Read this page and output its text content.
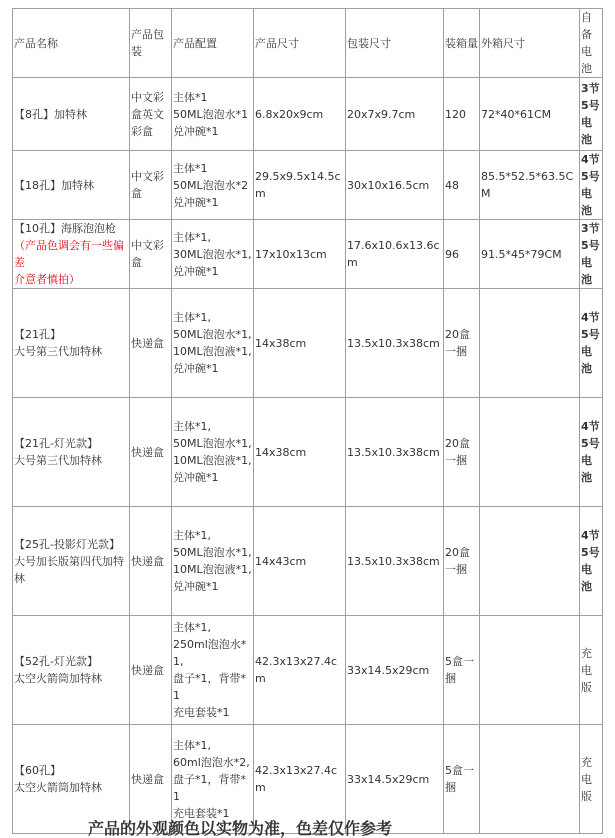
产品名称	产品包装	产品配置	产品尺寸	包装尺寸	装箱量	外箱尺寸	自备电池

【8孔】加特林	中文彩盒英文彩盒	主体*1
50ML泡泡水*1
兑冲碗*1	6.8x20x9cm	20x7x9.7cm	120	72*40*61CM	3节5号电池

【18孔】加特林	中文彩盒	主体*1
50ML泡泡水*2
兑冲碗*1	29.5x9.5x14.5cm	30x10x16.5cm	48	85.5*52.5*63.5CM	4节5号电池

【10孔】海豚泡泡枪
（产品色调会有一些偏差
介意者慎拍）	中文彩盒	主体*1,
30ML泡泡水*1,
兑冲碗*1	17x10x13cm	17.6x10.6x13.6cm	96	91.5*45*79CM	3节5号电池

【21孔】
大号第三代加特林	快递盒	主体*1,
50ML泡泡水*1,
10ML泡泡液*1,
兑冲碗*1	14x38cm	13.5x10.3x38cm	20盒一捆		4节5号电池

【21孔-灯光款】
大号第三代加特林	快递盒	主体*1,
50ML泡泡水*1,
10ML泡泡液*1,
兑冲碗*1	14x38cm	13.5x10.3x38cm	20盒一捆		4节5号电池

【25孔-投影灯光款】
大号加长版第四代加特林	快递盒	主体*1,
50ML泡泡水*1,
10ML泡泡液*1,
兑冲碗*1	14x43cm	13.5x10.3x38cm	20盒一捆		4节5号电池

【52孔-灯光款】
太空火箭筒加特林	快递盒	主体*1,
250ml泡泡水*1,
盘子*1，背带*1
充电套装*1	42.3x13x27.4cm	33x14.5x29cm	5盒一捆		充电版

【60孔】
太空火箭筒加特林	快递盒	主体*1,
60ml泡泡水*2,
盘子*1，背带*1
充电套装*1	42.3x13x27.4cm	33x14.5x29cm	5盒一捆		充电版
产品的外观颜色以实物为准，色差仅作参考
